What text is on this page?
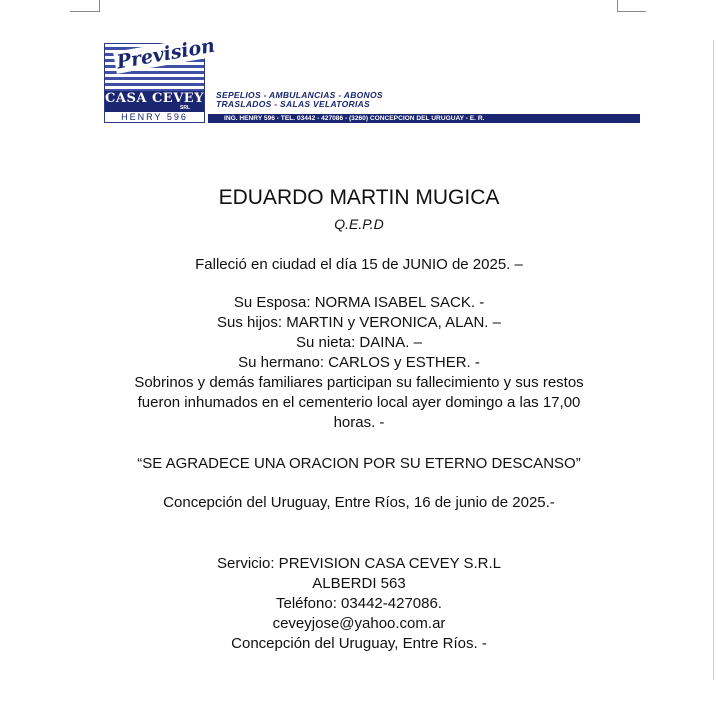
Prevision
CASA CEVEY
SRL
HENRY 596
SEPELIOS - AMBULANCIAS - ABONOS
TRASLADOS - SALAS VELATORIAS
ING. HENRY 596 - TEL. 03442 - 427086 - (3260) CONCEPCION DEL URUGUAY - E. R.
EDUARDO MARTIN MUGICA
Q.E.P.D
Falleció en ciudad el día 15 de JUNIO de 2025. –
Su Esposa: NORMA ISABEL SACK. -
Sus hijos: MARTIN y VERONICA, ALAN. –
Su nieta: DAINA. –
Su hermano: CARLOS y ESTHER. -
Sobrinos y demás familiares participan su fallecimiento y sus restos
fueron inhumados en el cementerio local ayer domingo a las 17,00
horas. -
“SE AGRADECE UNA ORACION POR SU ETERNO DESCANSO”
Concepción del Uruguay, Entre Ríos, 16 de junio de 2025.-
Servicio: PREVISION CASA CEVEY S.R.L
ALBERDI 563
Teléfono: 03442-427086.
ceveyjose@yahoo.com.ar
Concepción del Uruguay, Entre Ríos. -
